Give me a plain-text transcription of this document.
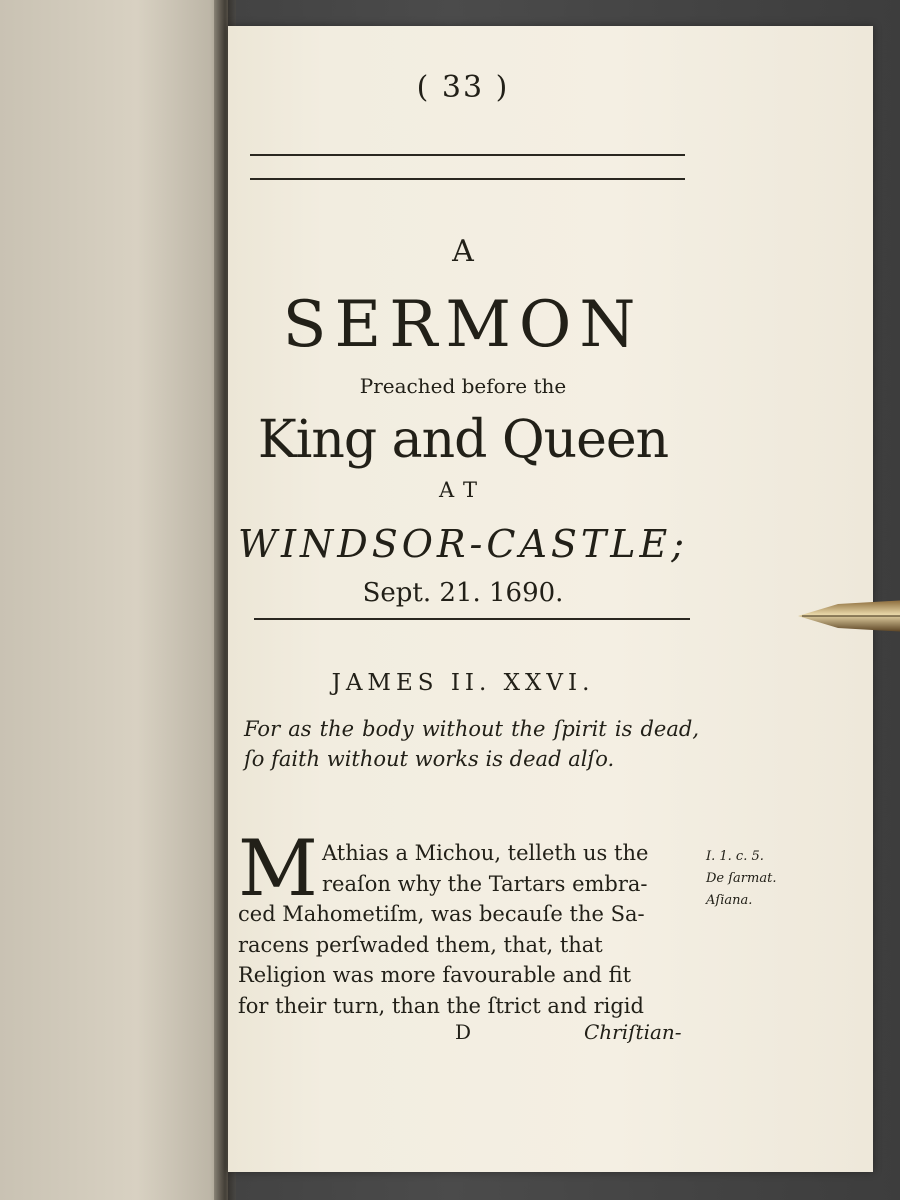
( 33 )
A
SERMON
Preached before the
King and Queen
AT
WINDSOR-CASTLE;
Sept. 21. 1690.
JAMES II. XXVI.
For as the body without the ſpirit is dead, ſo faith without works is dead alſo.
M Athias a Michou, telleth us the
reaſon why the Tartars embra-
ced Mahometiſm, was becauſe the Sa-
racens perſwaded them, that, that
Religion was more favourable and fit
for their turn, than the ſtrict and rigid
D	Chriſtian-
I. 1. c. 5.
De ſarmat.
Aſiana.
